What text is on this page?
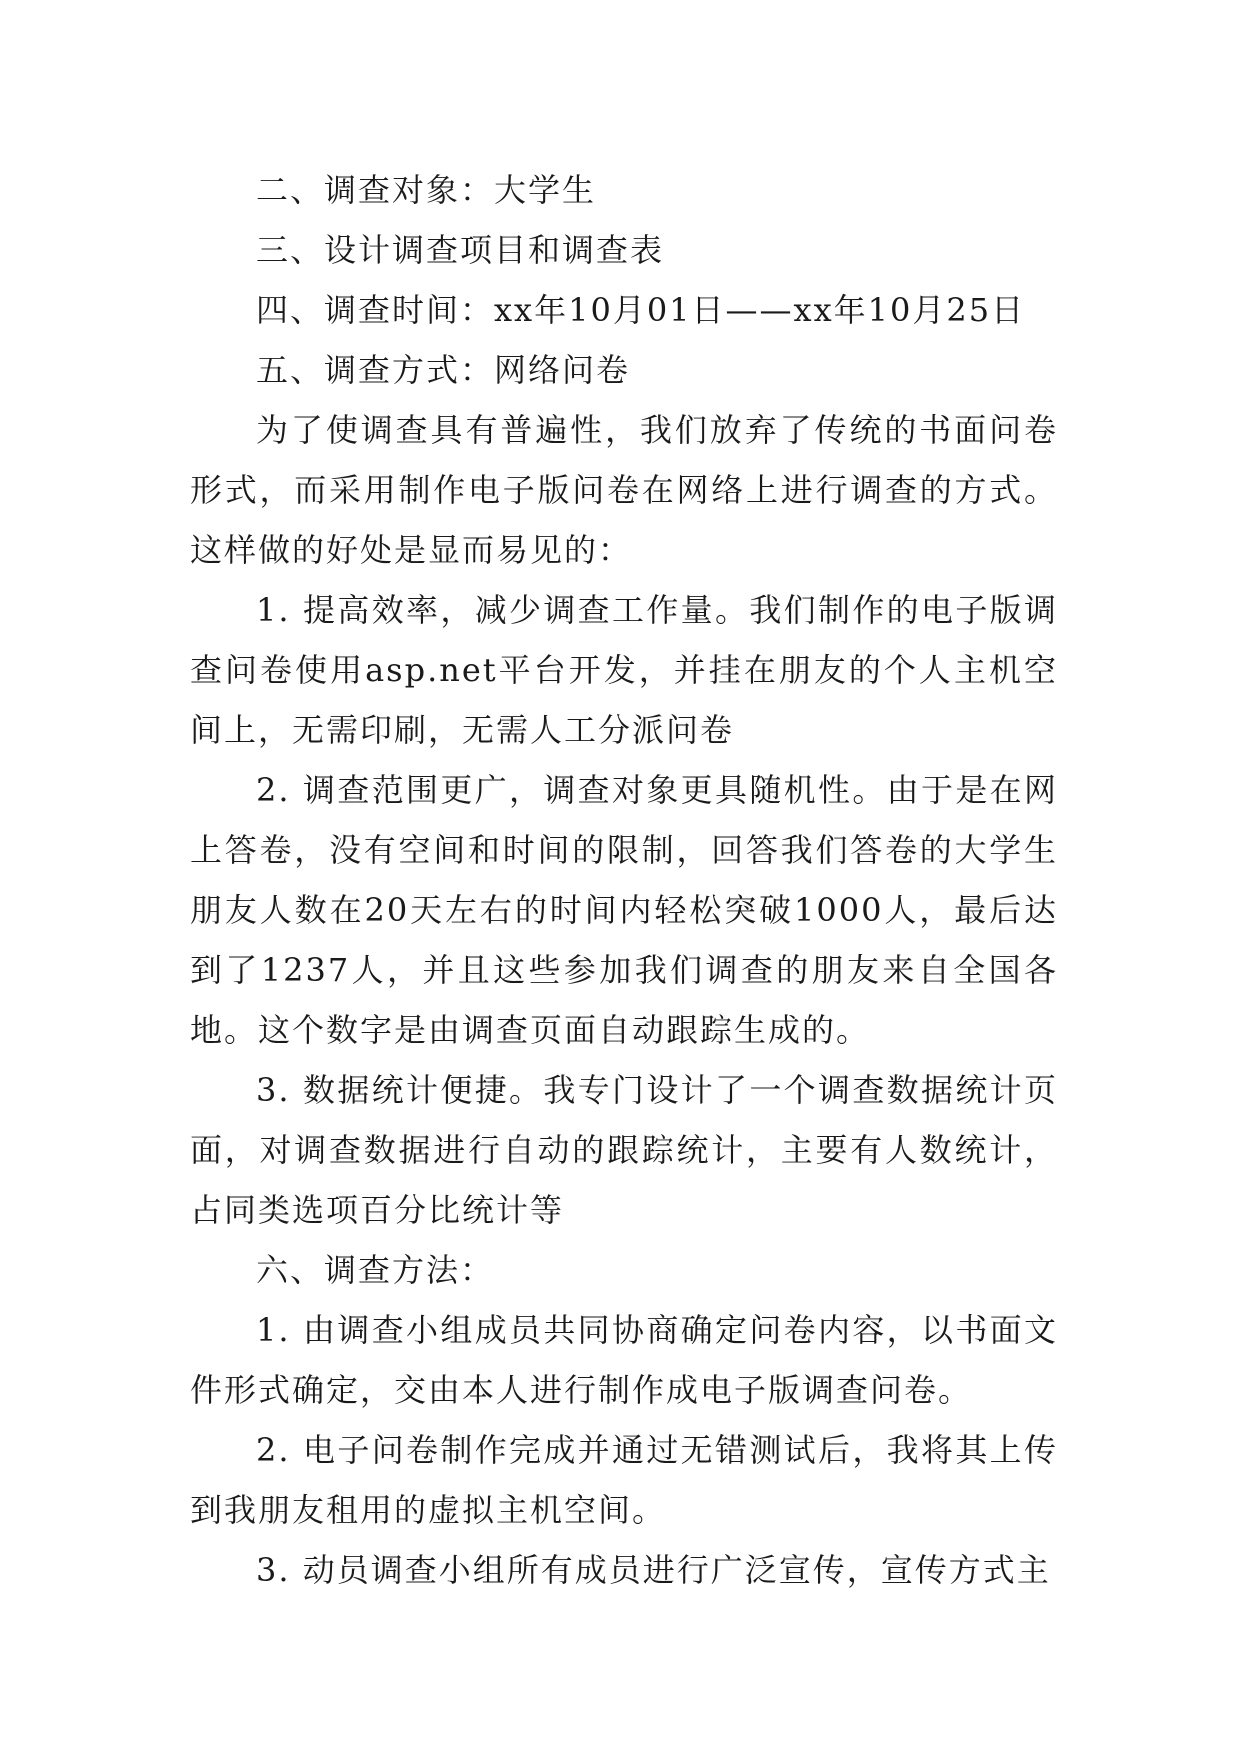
二、调查对象：大学生

三、设计调查项目和调查表

四、调查时间：xx年10月01日——xx年10月25日

五、调查方式：网络问卷

为了使调查具有普遍性，我们放弃了传统的书面问卷形式，而采用制作电子版问卷在网络上进行调查的方式。这样做的好处是显而易见的：

1. 提高效率，减少调查工作量。我们制作的电子版调查问卷使用asp.net平台开发，并挂在朋友的个人主机空间上，无需印刷，无需人工分派问卷

2. 调查范围更广，调查对象更具随机性。由于是在网上答卷，没有空间和时间的限制，回答我们答卷的大学生朋友人数在20天左右的时间内轻松突破1000人，最后达到了1237人，并且这些参加我们调查的朋友来自全国各地。这个数字是由调查页面自动跟踪生成的。

3. 数据统计便捷。我专门设计了一个调查数据统计页面，对调查数据进行自动的跟踪统计，主要有人数统计，占同类选项百分比统计等

六、调查方法：

1. 由调查小组成员共同协商确定问卷内容，以书面文件形式确定，交由本人进行制作成电子版调查问卷。

2. 电子问卷制作完成并通过无错测试后，我将其上传到我朋友租用的虚拟主机空间。

3. 动员调查小组所有成员进行广泛宣传，宣传方式主
